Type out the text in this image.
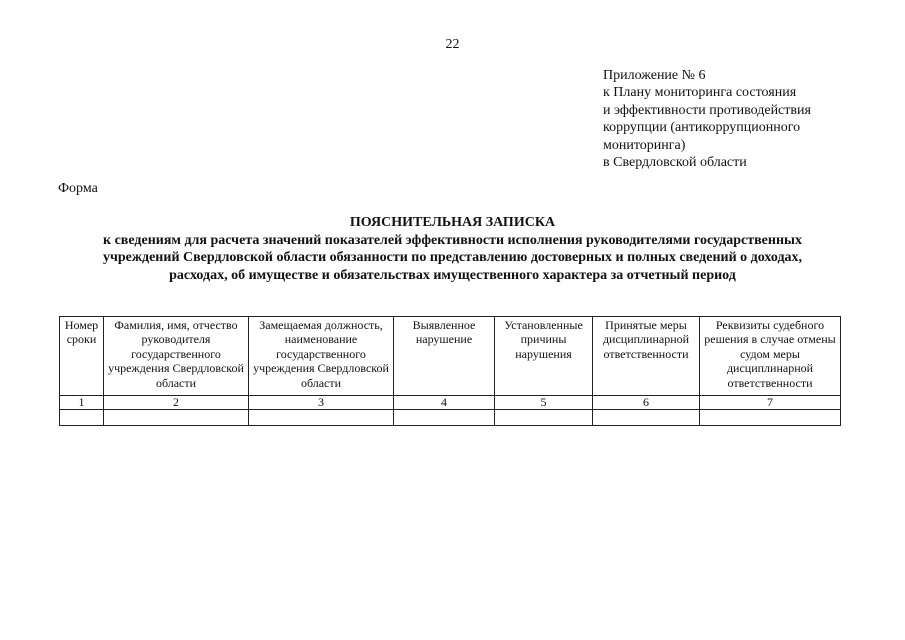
22
Приложение № 6
к Плану мониторинга состояния
и эффективности противодействия
коррупции (антикоррупционного
мониторинга)
в Свердловской области
Форма
ПОЯСНИТЕЛЬНАЯ ЗАПИСКА
к сведениям для расчета значений показателей эффективности исполнения руководителями государственных
учреждений Свердловской области обязанности по представлению достоверных и полных сведений о доходах,
расходах, об имуществе и обязательствах имущественного характера за отчетный период
Номер сроки	Фамилия, имя, отчество руководителя государственного учреждения Свердловской области	Замещаемая должность, наименование государственного учреждения Свердловской области	Выявленное нарушение	Установленные причины нарушения	Принятые меры дисциплинарной ответственности	Реквизиты судебного решения в случае отмены судом меры дисциплинарной ответственности
1	2	3	4	5	6	7
